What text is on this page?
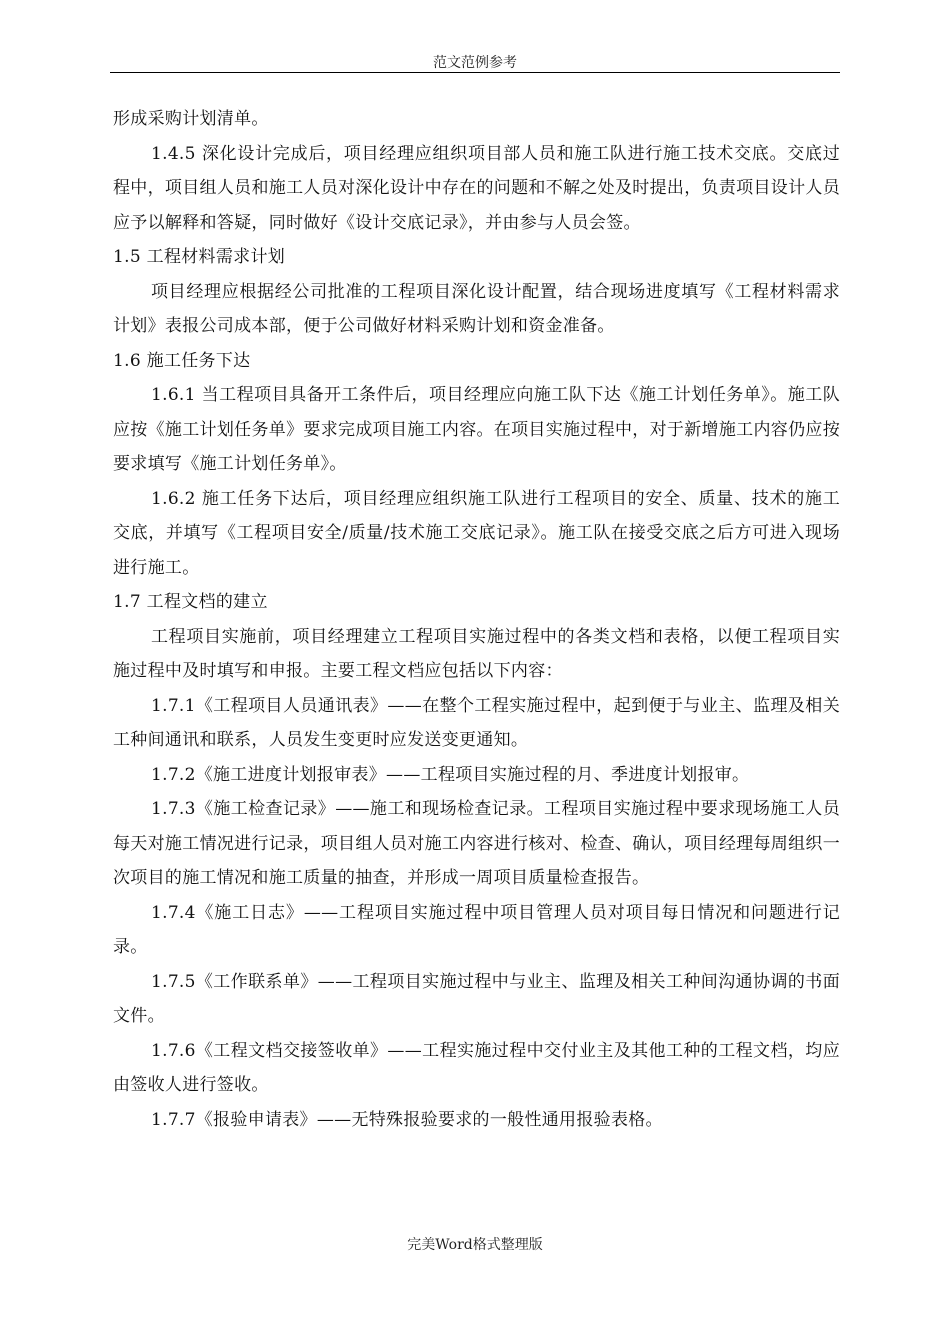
范文范例参考

形成采购计划清单。

1.4.5 深化设计完成后，项目经理应组织项目部人员和施工队进行施工技术交底。交底过程中，项目组人员和施工人员对深化设计中存在的问题和不解之处及时提出，负责项目设计人员应予以解释和答疑，同时做好《设计交底记录》，并由参与人员会签。

1.5 工程材料需求计划

项目经理应根据经公司批准的工程项目深化设计配置，结合现场进度填写《工程材料需求计划》表报公司成本部，便于公司做好材料采购计划和资金准备。

1.6 施工任务下达

1.6.1 当工程项目具备开工条件后，项目经理应向施工队下达《施工计划任务单》。施工队应按《施工计划任务单》要求完成项目施工内容。在项目实施过程中，对于新增施工内容仍应按要求填写《施工计划任务单》。

1.6.2 施工任务下达后，项目经理应组织施工队进行工程项目的安全、质量、技术的施工交底，并填写《工程项目安全/质量/技术施工交底记录》。施工队在接受交底之后方可进入现场进行施工。

1.7 工程文档的建立

工程项目实施前，项目经理建立工程项目实施过程中的各类文档和表格，以便工程项目实施过程中及时填写和申报。主要工程文档应包括以下内容：

1.7.1《工程项目人员通讯表》——在整个工程实施过程中，起到便于与业主、监理及相关工种间通讯和联系，人员发生变更时应发送变更通知。

1.7.2《施工进度计划报审表》——工程项目实施过程的月、季进度计划报审。

1.7.3《施工检查记录》——施工和现场检查记录。工程项目实施过程中要求现场施工人员每天对施工情况进行记录，项目组人员对施工内容进行核对、检查、确认，项目经理每周组织一次项目的施工情况和施工质量的抽查，并形成一周项目质量检查报告。

1.7.4《施工日志》——工程项目实施过程中项目管理人员对项目每日情况和问题进行记录。

1.7.5《工作联系单》——工程项目实施过程中与业主、监理及相关工种间沟通协调的书面文件。

1.7.6《工程文档交接签收单》——工程实施过程中交付业主及其他工种的工程文档，均应由签收人进行签收。

1.7.7《报验申请表》——无特殊报验要求的一般性通用报验表格。

完美Word格式整理版
